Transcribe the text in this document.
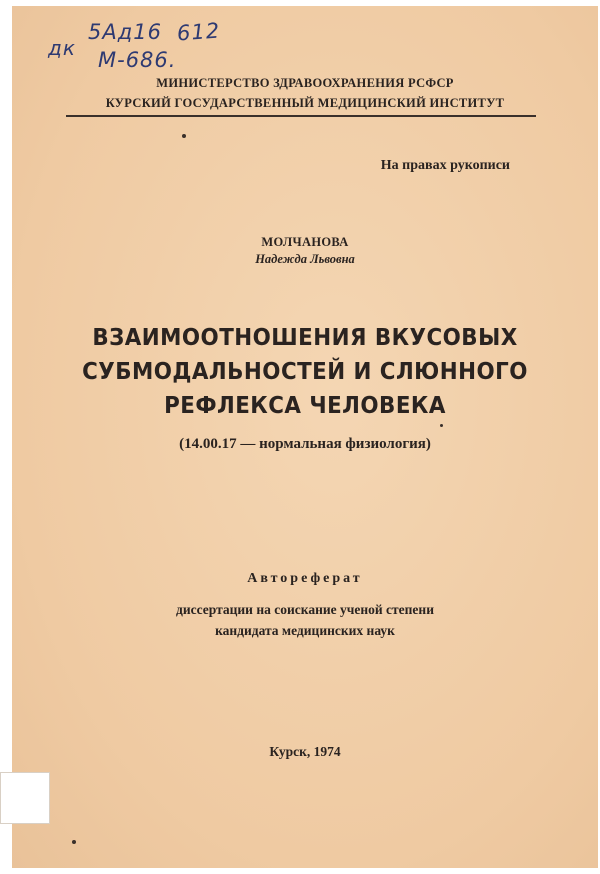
5Aд16 612
дк М-686.
МИНИСТЕРСТВО ЗДРАВООХРАНЕНИЯ РСФСР
КУРСКИЙ ГОСУДАРСТВЕННЫЙ МЕДИЦИНСКИЙ ИНСТИТУТ
На правах рукописи
МОЛЧАНОВА
Надежда Львовна
ВЗАИМООТНОШЕНИЯ ВКУСОВЫХ
СУБМОДАЛЬНОСТЕЙ И СЛЮННОГО
РЕФЛЕКСА ЧЕЛОВЕКА
(14.00.17 — нормальная физиология)
Автореферат
диссертации на соискание ученой степени
кандидата медицинских наук
Курск, 1974
